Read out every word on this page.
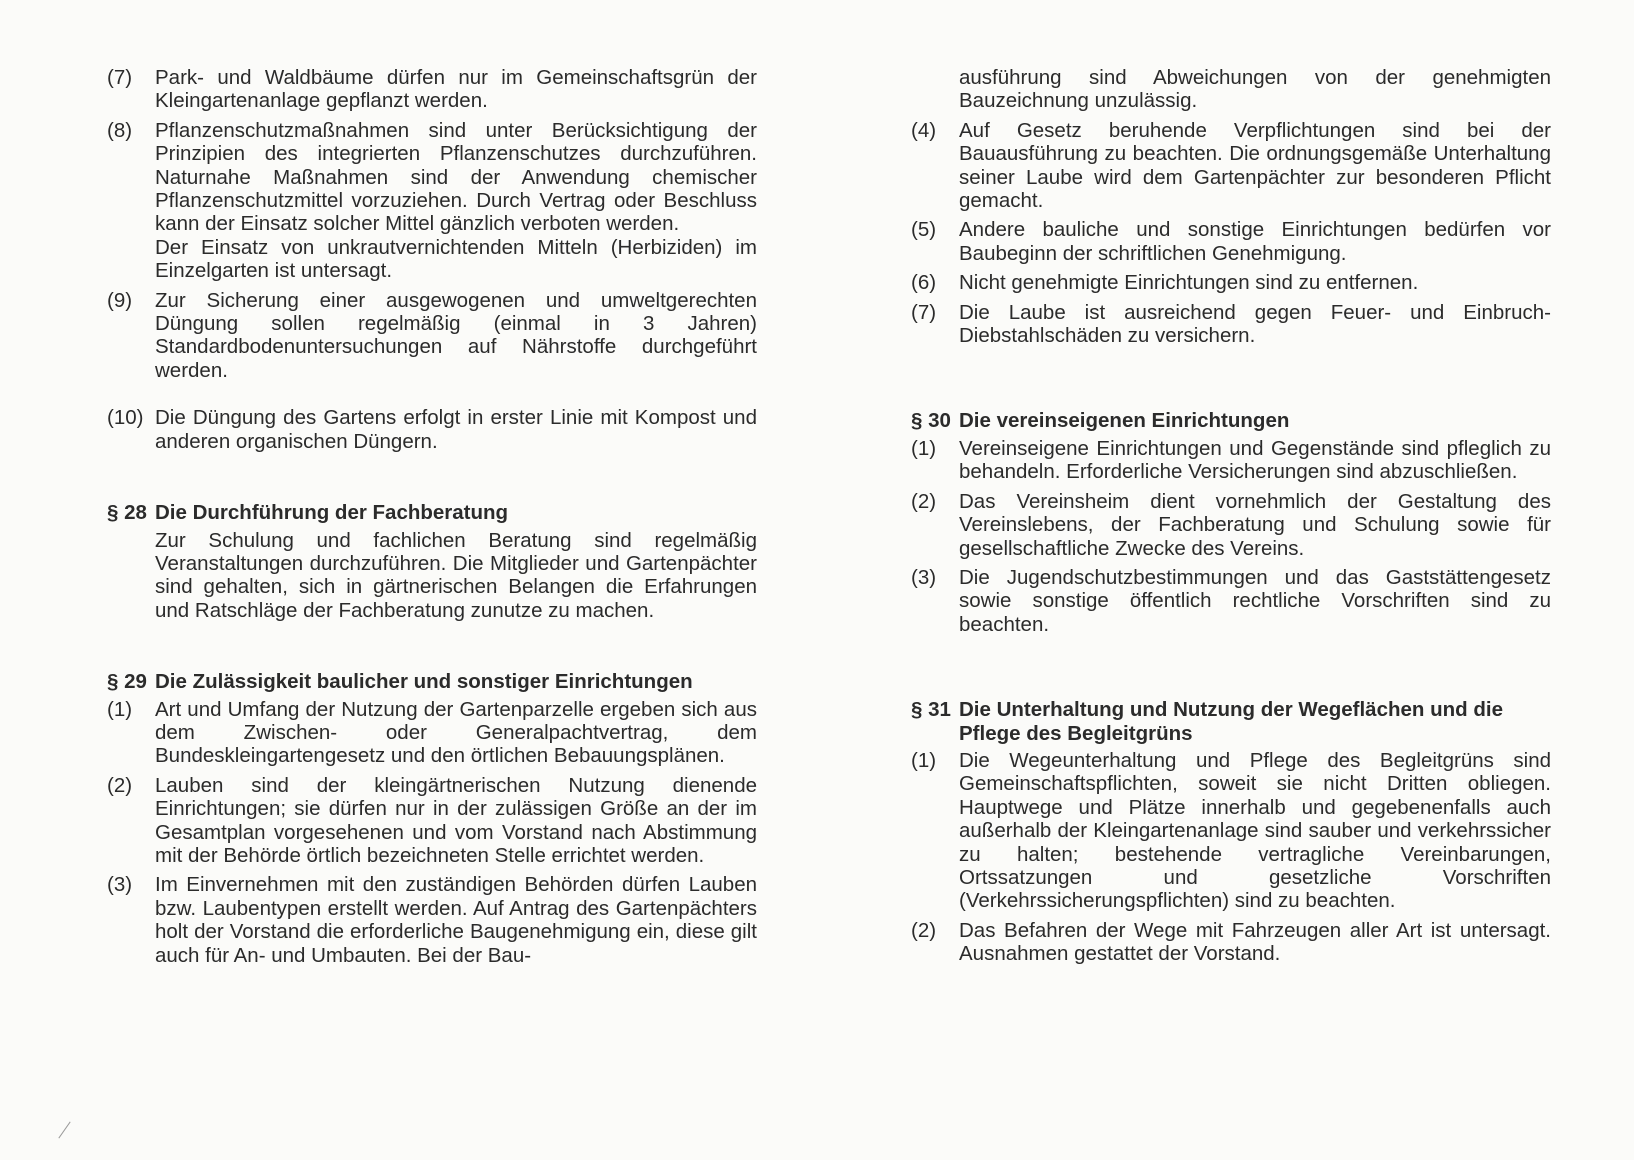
(7)	Park- und Waldbäume dürfen nur im Gemeinschaftsgrün der Kleingartenanlage gepflanzt werden.

(8)	Pflanzenschutzmaßnahmen sind unter Berücksichtigung der Prinzipien des integrierten Pflanzenschutzes durchzuführen. Naturnahe Maßnahmen sind der Anwendung chemischer Pflanzenschutzmittel vorzuziehen. Durch Vertrag oder Beschluss kann der Einsatz solcher Mittel gänzlich verboten werden.

Der Einsatz von unkrautvernichtenden Mitteln (Herbiziden) im Einzelgarten ist untersagt.

(9)	Zur Sicherung einer ausgewogenen und umweltgerechten Düngung sollen regelmäßig (einmal in 3 Jahren) Standardbodenuntersuchungen auf Nährstoffe durchgeführt werden.

(10) Die Düngung des Gartens erfolgt in erster Linie mit Kompost und anderen organischen Düngern.

§ 28 Die Durchführung der Fachberatung

Zur Schulung und fachlichen Beratung sind regelmäßig Veranstaltungen durchzuführen. Die Mitglieder und Gartenpächter sind gehalten, sich in gärtnerischen Belangen die Erfahrungen und Ratschläge der Fachberatung zunutze zu machen.

§ 29 Die Zulässigkeit baulicher und sonstiger Einrichtungen
(1)	Art und Umfang der Nutzung der Gartenparzelle ergeben sich aus dem Zwischen- oder Generalpachtvertrag, dem Bundeskleingartengesetz und den örtlichen Bebauungsplänen.

(2)	Lauben sind der kleingärtnerischen Nutzung dienende Einrichtungen; sie dürfen nur in der zulässigen Größe an der im Gesamtplan vorgesehenen und vom Vorstand nach Abstimmung mit der Behörde örtlich bezeichneten Stelle errichtet werden.

(3)	Im Einvernehmen mit den zuständigen Behörden dürfen Lauben bzw. Laubentypen erstellt werden. Auf Antrag des Gartenpächters holt der Vorstand die erforderliche Baugenehmigung ein, diese gilt auch für An- und Umbauten. Bei der Bau-

ausführung sind Abweichungen von der genehmigten Bauzeichnung unzulässig.

(4)	Auf Gesetz beruhende Verpflichtungen sind bei der Bauausführung zu beachten. Die ordnungsgemäße Unterhaltung seiner Laube wird dem Gartenpächter zur besonderen Pflicht gemacht.

(5)	Andere bauliche und sonstige Einrichtungen bedürfen vor Baubeginn der schriftlichen Genehmigung.

(6)	Nicht genehmigte Einrichtungen sind zu entfernen.

(7)	Die Laube ist ausreichend gegen Feuer- und Einbruch-Diebstahlschäden zu versichern.

§ 30 Die vereinseigenen Einrichtungen
(1)	Vereinseigene Einrichtungen und Gegenstände sind pfleglich zu behandeln. Erforderliche Versicherungen sind abzuschließen.

(2)	Das Vereinsheim dient vornehmlich der Gestaltung des Vereinslebens, der Fachberatung und Schulung sowie für gesellschaftliche Zwecke des Vereins.

(3)	Die Jugendschutzbestimmungen und das Gaststättengesetz sowie sonstige öffentlich rechtliche Vorschriften sind zu beachten.

§ 31 Die Unterhaltung und Nutzung der Wegeflächen und die Pflege des Begleitgrüns
(1)	Die Wegeunterhaltung und Pflege des Begleitgrüns sind Gemeinschaftspflichten, soweit sie nicht Dritten obliegen. Hauptwege und Plätze innerhalb und gegebenenfalls auch außerhalb der Kleingartenanlage sind sauber und verkehrssicher zu halten; bestehende vertragliche Vereinbarungen, Ortssatzungen und gesetzliche Vorschriften (Verkehrssicherungspflichten) sind zu beachten.

(2)	Das Befahren der Wege mit Fahrzeugen aller Art ist untersagt. Ausnahmen gestattet der Vorstand.
